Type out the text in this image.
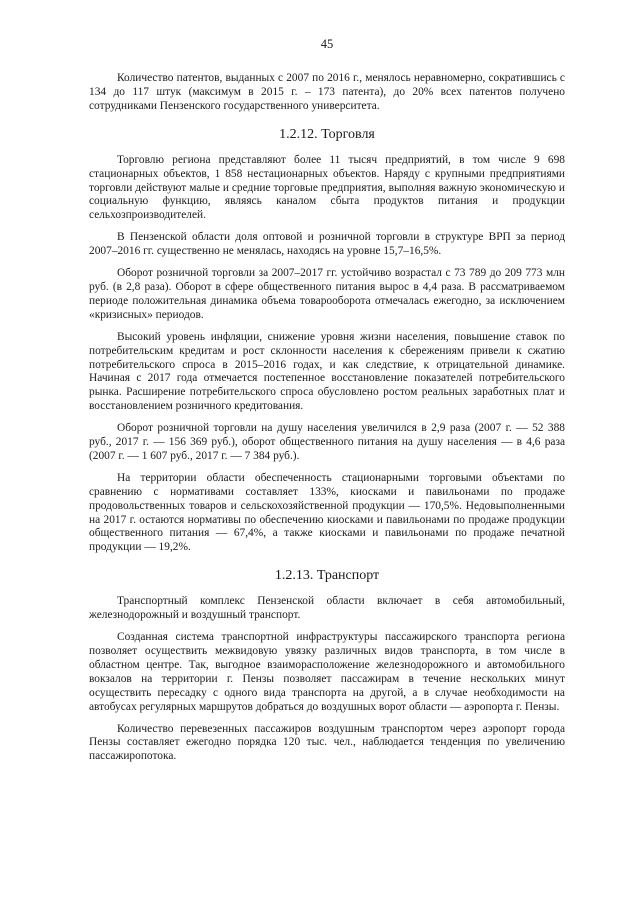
45

Количество патентов, выданных с 2007 по 2016 г., менялось неравномерно, сократившись с 134 до 117 штук (максимум в 2015 г. – 173 патента), до 20% всех патентов получено сотрудниками Пензенского государственного университета.

1.2.12. Торговля

Торговлю региона представляют более 11 тысяч предприятий, в том числе 9 698 стационарных объектов, 1 858 нестационарных объектов. Наряду с крупными предприятиями торговли действуют малые и средние торговые предприятия, выполняя важную экономическую и социальную функцию, являясь каналом сбыта продуктов питания и продукции сельхозпроизводителей.

В Пензенской области доля оптовой и розничной торговли в структуре ВРП за период 2007–2016 гг. существенно не менялась, находясь на уровне 15,7–16,5%.

Оборот розничной торговли за 2007–2017 гг. устойчиво возрастал с 73 789 до 209 773 млн руб. (в 2,8 раза). Оборот в сфере общественного питания вырос в 4,4 раза. В рассматриваемом периоде положительная динамика объема товарооборота отмечалась ежегодно, за исключением «кризисных» периодов.

Высокий уровень инфляции, снижение уровня жизни населения, повышение ставок по потребительским кредитам и рост склонности населения к сбережениям привели к сжатию потребительского спроса в 2015–2016 годах, и как следствие, к отрицательной динамике. Начиная с 2017 года отмечается постепенное восстановление показателей потребительского рынка. Расширение потребительского спроса обусловлено ростом реальных заработных плат и восстановлением розничного кредитования.

Оборот розничной торговли на душу населения увеличился в 2,9 раза (2007 г. — 52 388 руб., 2017 г. — 156 369 руб.), оборот общественного питания на душу населения — в 4,6 раза (2007 г. — 1 607 руб., 2017 г. — 7 384 руб.).

На территории области обеспеченность стационарными торговыми объектами по сравнению с нормативами составляет 133%, киосками и павильонами по продаже продовольственных товаров и сельскохозяйственной продукции — 170,5%. Недовыполненными на 2017 г. остаются нормативы по обеспечению киосками и павильонами по продаже продукции общественного питания — 67,4%, а также киосками и павильонами по продаже печатной продукции — 19,2%.

1.2.13. Транспорт

Транспортный комплекс Пензенской области включает в себя автомобильный, железнодорожный и воздушный транспорт.

Созданная система транспортной инфраструктуры пассажирского транспорта региона позволяет осуществить межвидовую увязку различных видов транспорта, в том числе в областном центре. Так, выгодное взаиморасположение железнодорожного и автомобильного вокзалов на территории г. Пензы позволяет пассажирам в течение нескольких минут осуществить пересадку с одного вида транспорта на другой, а в случае необходимости на автобусах регулярных маршрутов добраться до воздушных ворот области — аэропорта г. Пензы.

Количество перевезенных пассажиров воздушным транспортом через аэропорт города Пензы составляет ежегодно порядка 120 тыс. чел., наблюдается тенденция по увеличению пассажиропотока.
